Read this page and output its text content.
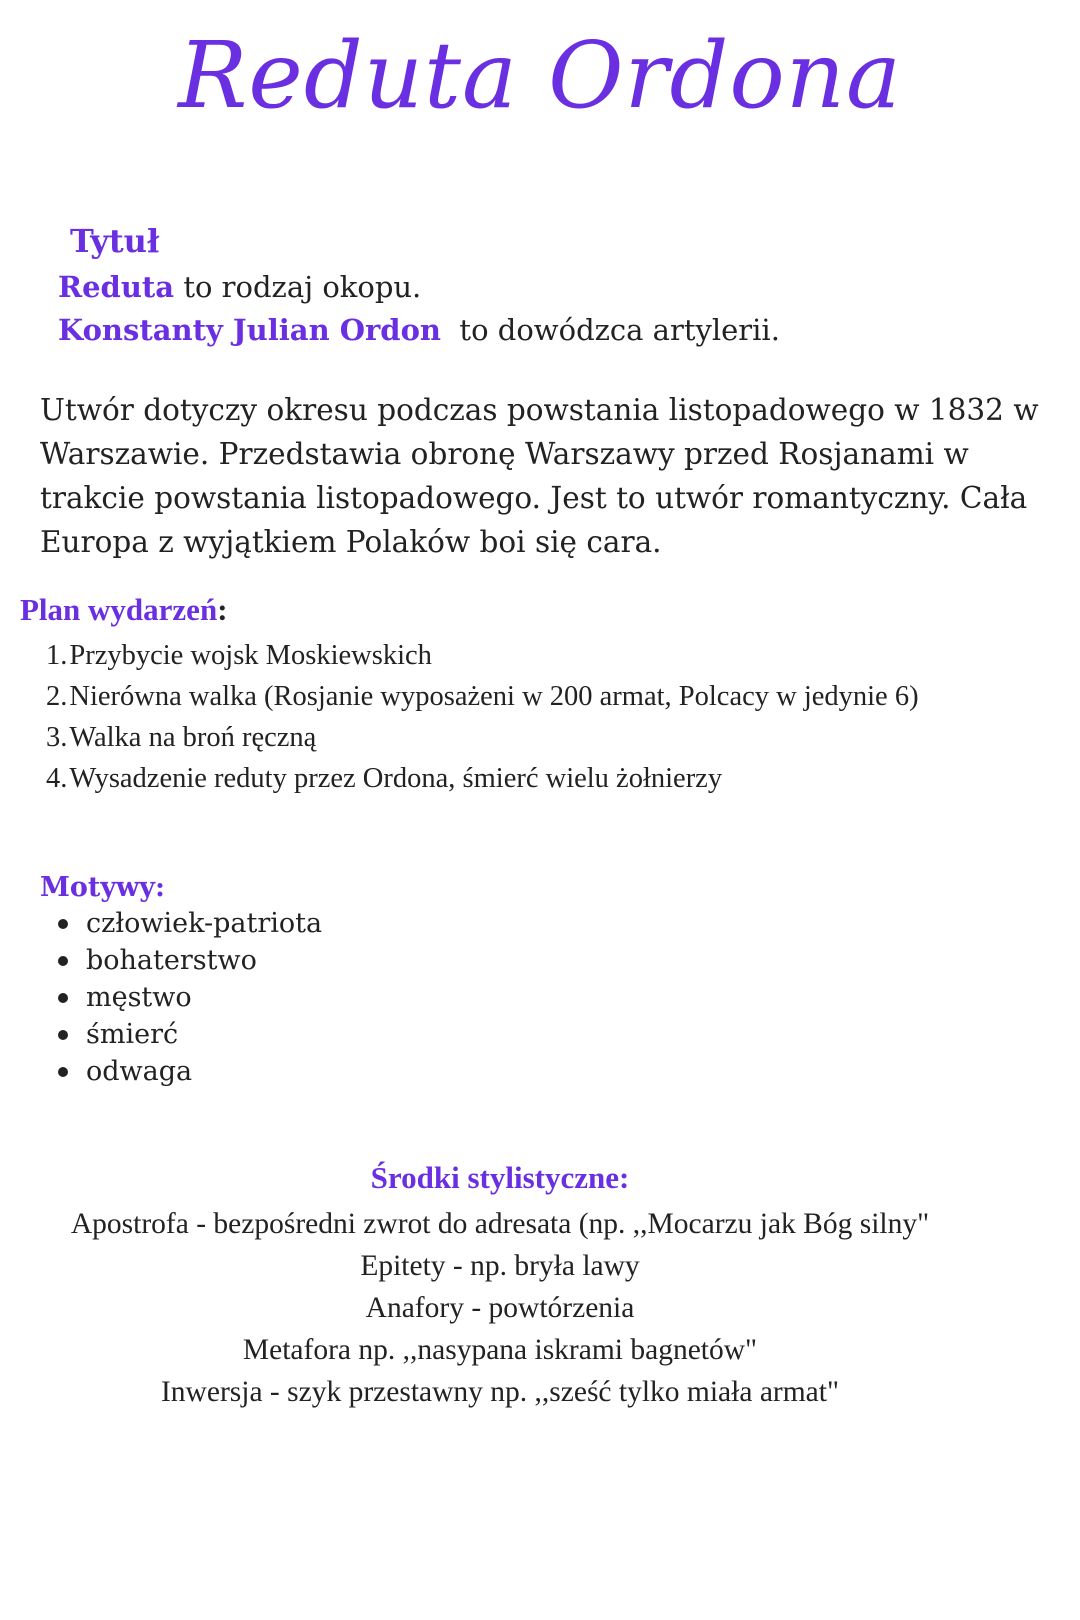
Reduta Ordona
Tytuł
Reduta to rodzaj okopu.
Konstanty Julian Ordon  to dowódzca artylerii.
Utwór dotyczy okresu podczas powstania listopadowego w 1832 w Warszawie. Przedstawia obronę Warszawy przed Rosjanami w trakcie powstania listopadowego. Jest to utwór romantyczny. Cała Europa z wyjątkiem Polaków boi się cara.
Plan wydarzeń:
1.Przybycie wojsk Moskiewskich
2.Nierówna walka (Rosjanie wyposażeni w 200 armat, Polcacy w jedynie 6)
3.Walka na broń ręczną
4.Wysadzenie reduty przez Ordona, śmierć wielu żołnierzy
Motywy:
człowiek-patriota
bohaterstwo
męstwo
śmierć
odwaga
Środki stylistyczne:
Apostrofa - bezpośredni zwrot do adresata (np. ,,Mocarzu jak Bóg silny"
Epitety - np. bryła lawy
Anafory - powtórzenia
Metafora np. ,,nasypana iskrami bagnetów"
Inwersja - szyk przestawny np. ,,sześć tylko miała armat"
